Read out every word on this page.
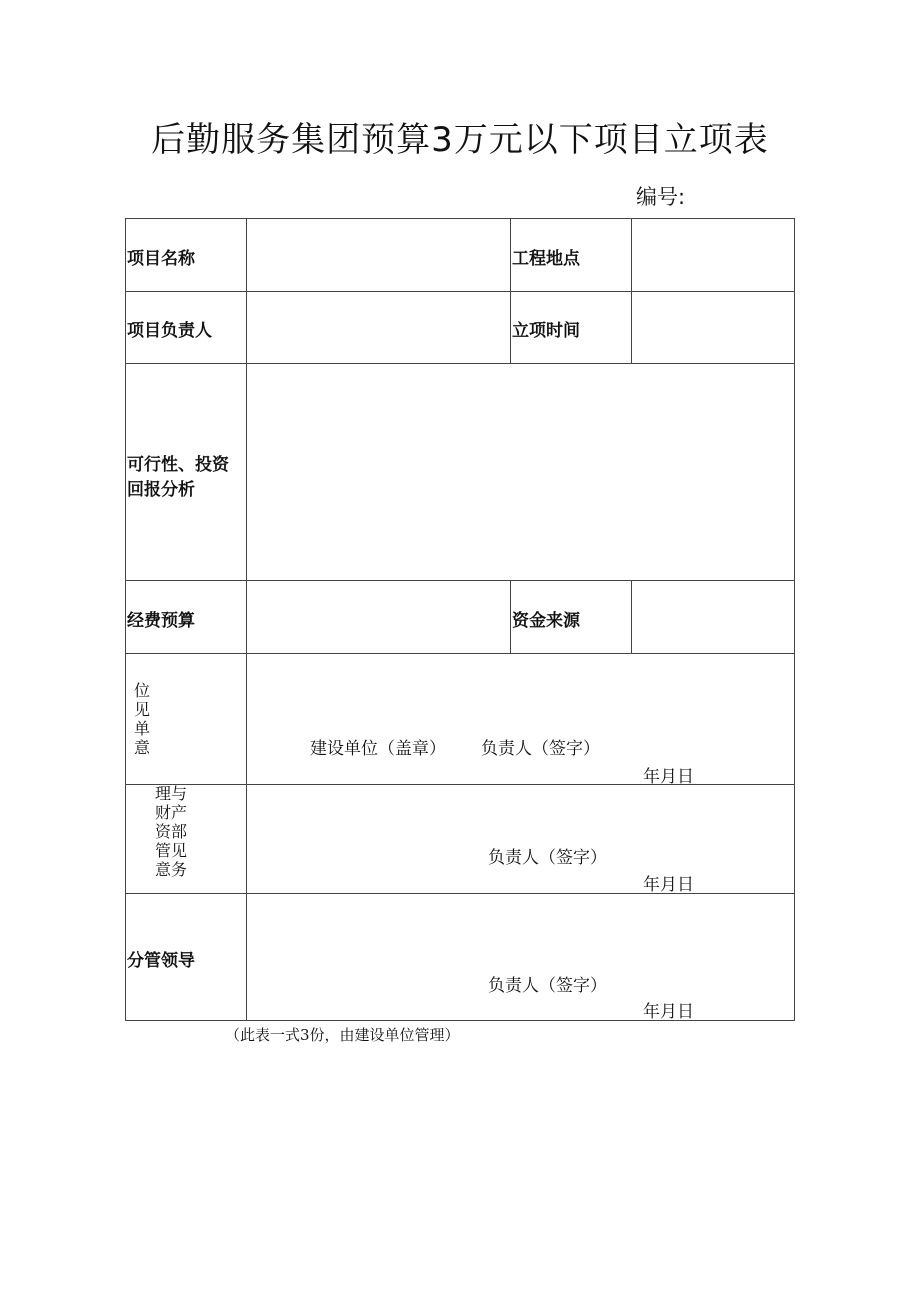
后勤服务集团预算3万元以下项目立项表
编号:
项目名称	工程地点
项目负责人	立项时间
可行性、投资
回报分析
经费预算	资金来源
位
见
单
意	建设单位（盖章） 负责人（签字）
年月日
理与
财产
资部
管见
意务
负责人（签字）
年月日
分管领导
负责人（签字）
年月日
（此表一式3份，由建设单位管理）
